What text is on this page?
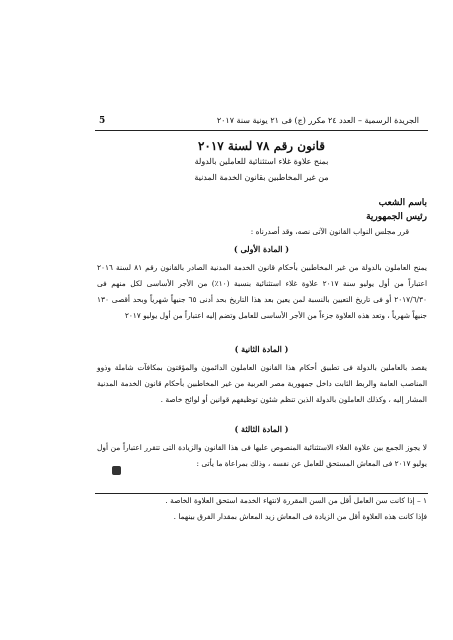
الجريدة الرسمية – العدد ٢٤ مكرر (ج) فى ٢١ يونية سنة ٢٠١٧
5
قانون رقم ٧٨ لسنة ٢٠١٧
بمنح علاوة غلاء استثنائية للعاملين بالدولة
من غير المخاطبين بقانون الخدمة المدنية
باسم الشعب
رئيس الجمهورية
قرر مجلس النواب القانون الآتى نصه، وقد أصدرناه :
( المادة الأولى )
يمنح العاملون بالدولة من غير المخاطبين بأحكام قانون الخدمة المدنية الصادر بالقانون رقم ٨١ لسنة ٢٠١٦ اعتباراً من أول يوليو سنة ٢٠١٧ علاوة غلاء استثنائية بنسبة (١٠٪) من الأجر الأساسى لكل منهم فى ٢٠١٧/٦/٣٠ أو فى تاريخ التعيين بالنسبة لمن يعين بعد هذا التاريخ بحد أدنى ٦٥ جنيهاً شهرياً وبحد أقصى ١٣٠ جنيهاً شهرياً ، وتعد هذه العلاوة جزءاً من الأجر الأساسى للعامل وتضم إليه اعتباراً من أول يوليو ٢٠١٧
( المادة الثانية )
يقصد بالعاملين بالدولة فى تطبيق أحكام هذا القانون العاملون الدائمون والمؤقتون بمكافآت شاملة وذوو المناصب العامة والربط الثابت داخل جمهورية مصر العربية من غير المخاطبين بأحكام قانون الخدمة المدنية المشار إليه ، وكذلك العاملون بالدولة الذين تنظم شئون توظيفهم قوانين أو لوائح خاصة .
( المادة الثالثة )
لا يجوز الجمع بين علاوة الغلاء الاستثنائية المنصوص عليها فى هذا القانون والزيادة التى تتقرر اعتباراً من أول يوليو ٢٠١٧ فى المعاش المستحق للعامل عن نفسه ، وذلك بمراعاة ما يأتى :
١ – إذا كانت سن العامل أقل من السن المقررة لانتهاء الخدمة استحق العلاوة الخاصة .
فإذا كانت هذه العلاوة أقل من الزيادة فى المعاش زيد المعاش بمقدار الفرق بينهما .
